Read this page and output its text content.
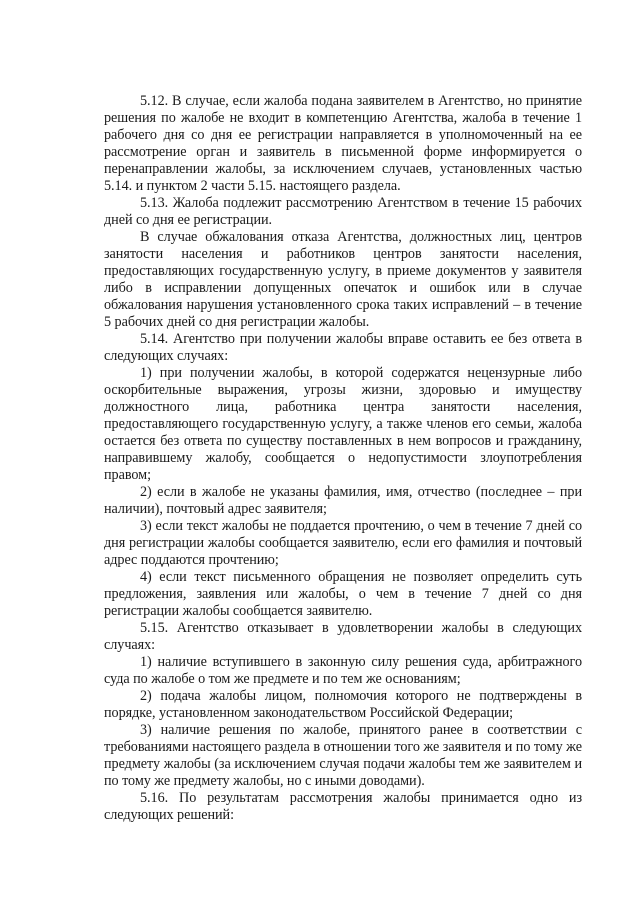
5.12. В случае, если жалоба подана заявителем в Агентство, но принятие решения по жалобе не входит в компетенцию Агентства, жалоба в течение 1 рабочего дня со дня ее регистрации направляется в уполномоченный на ее рассмотрение орган и заявитель в письменной форме информируется о перенаправлении жалобы, за исключением случаев, установленных частью 5.14. и пунктом 2 части 5.15. настоящего раздела.

5.13. Жалоба подлежит рассмотрению Агентством в течение 15 рабочих дней со дня ее регистрации.

В случае обжалования отказа Агентства, должностных лиц, центров занятости населения и работников центров занятости населения, предоставляющих государственную услугу, в приеме документов у заявителя либо в исправлении допущенных опечаток и ошибок или в случае обжалования нарушения установленного срока таких исправлений – в течение 5 рабочих дней со дня регистрации жалобы.

5.14. Агентство при получении жалобы вправе оставить ее без ответа в следующих случаях:

1) при получении жалобы, в которой содержатся нецензурные либо оскорбительные выражения, угрозы жизни, здоровью и имуществу должностного лица, работника центра занятости населения, предоставляющего государственную услугу, а также членов его семьи, жалоба остается без ответа по существу поставленных в нем вопросов и гражданину, направившему жалобу, сообщается о недопустимости злоупотребления правом;

2) если в жалобе не указаны фамилия, имя, отчество (последнее – при наличии), почтовый адрес заявителя;

3) если текст жалобы не поддается прочтению, о чем в течение 7 дней со дня регистрации жалобы сообщается заявителю, если его фамилия и почтовый адрес поддаются прочтению;

4) если текст письменного обращения не позволяет определить суть предложения, заявления или жалобы, о чем в течение 7 дней со дня регистрации жалобы сообщается заявителю.

5.15. Агентство отказывает в удовлетворении жалобы в следующих случаях:

1) наличие вступившего в законную силу решения суда, арбитражного суда по жалобе о том же предмете и по тем же основаниям;

2) подача жалобы лицом, полномочия которого не подтверждены в порядке, установленном законодательством Российской Федерации;

3) наличие решения по жалобе, принятого ранее в соответствии с требованиями настоящего раздела в отношении того же заявителя и по тому же предмету жалобы (за исключением случая подачи жалобы тем же заявителем и по тому же предмету жалобы, но с иными доводами).

5.16. По результатам рассмотрения жалобы принимается одно из следующих решений:
